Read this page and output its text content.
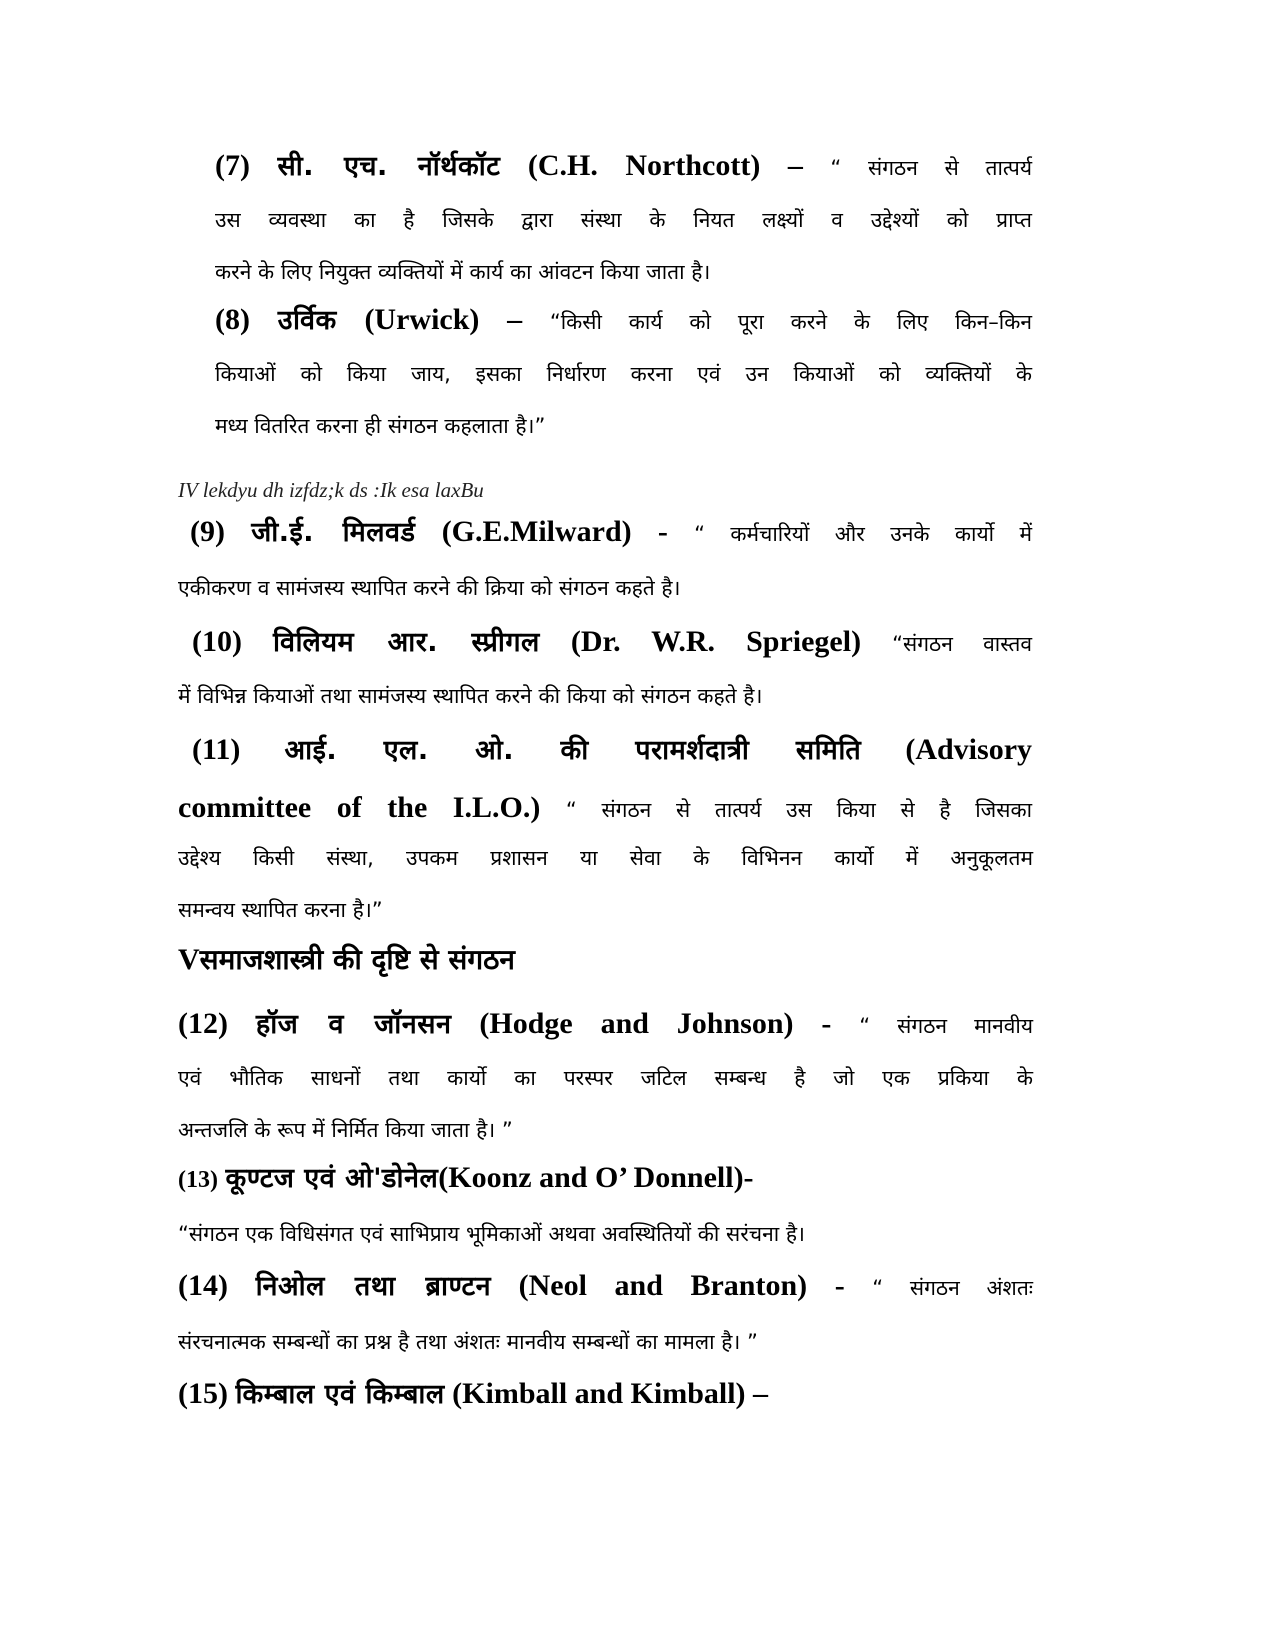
(7) सी. एच. नॉर्थकॉट (C.H. Northcott) – “ संगठन से तात्पर्य
उस व्यवस्था का है जिसके द्वारा संस्था के नियत लक्ष्यों व उद्देश्यों को प्राप्त
करने के लिए नियुक्त व्यक्तियों में कार्य का आंवटन किया जाता है।
(8) उर्विक (Urwick) – “किसी कार्य को पूरा करने के लिए किन–किन
कियाओं को किया जाय, इसका निर्धारण करना एवं उन कियाओं को व्यक्तियों के
मध्य वितरित करना ही संगठन कहलाता है।”
IV lekdyu dh izfdz;k ds :Ik esa laxBu
(9) जी.ई. मिलवर्ड (G.E.Milward) - “ कर्मचारियों और उनके कार्यो में
एकीकरण व सामंजस्य स्थापित करने की क्रिया को संगठन कहते है।
(10) विलियम आर. स्प्रीगल (Dr. W.R. Spriegel) “संगठन वास्तव
में विभिन्न कियाओं तथा सामंजस्य स्थापित करने की किया को संगठन कहते है।
(11) आई. एल. ओ. की परामर्शदात्री समिति (Advisory
committee of the I.L.O.) “ संगठन से तात्पर्य उस किया से है जिसका
उद्देश्य किसी संस्था, उपकम प्रशासन या सेवा के विभिनन कार्यो में अनुकूलतम
समन्वय स्थापित करना है।”
Vसमाजशास्त्री की दृष्टि से संगठन
(12) हॉज व जॉनसन (Hodge and Johnson) - “ संगठन मानवीय
एवं भौतिक साधनों तथा कार्यो का परस्पर जटिल सम्बन्ध है जो एक प्रकिया के
अन्तजलि के रूप में निर्मित किया जाता है। ”
(13) कूण्टज एवं ओ'डोनेल(Koonz and O’ Donnell)-
“संगठन एक विधिसंगत एवं साभिप्राय भूमिकाओं अथवा अवस्थितियों की सरंचना है।
(14) निओल तथा ब्राण्टन (Neol and Branton) - “ संगठन अंशतः
संरचनात्मक सम्बन्धों का प्रश्न है तथा अंशतः मानवीय सम्बन्धों का मामला है। ”
(15) किम्बाल एवं किम्बाल (Kimball and Kimball) –
